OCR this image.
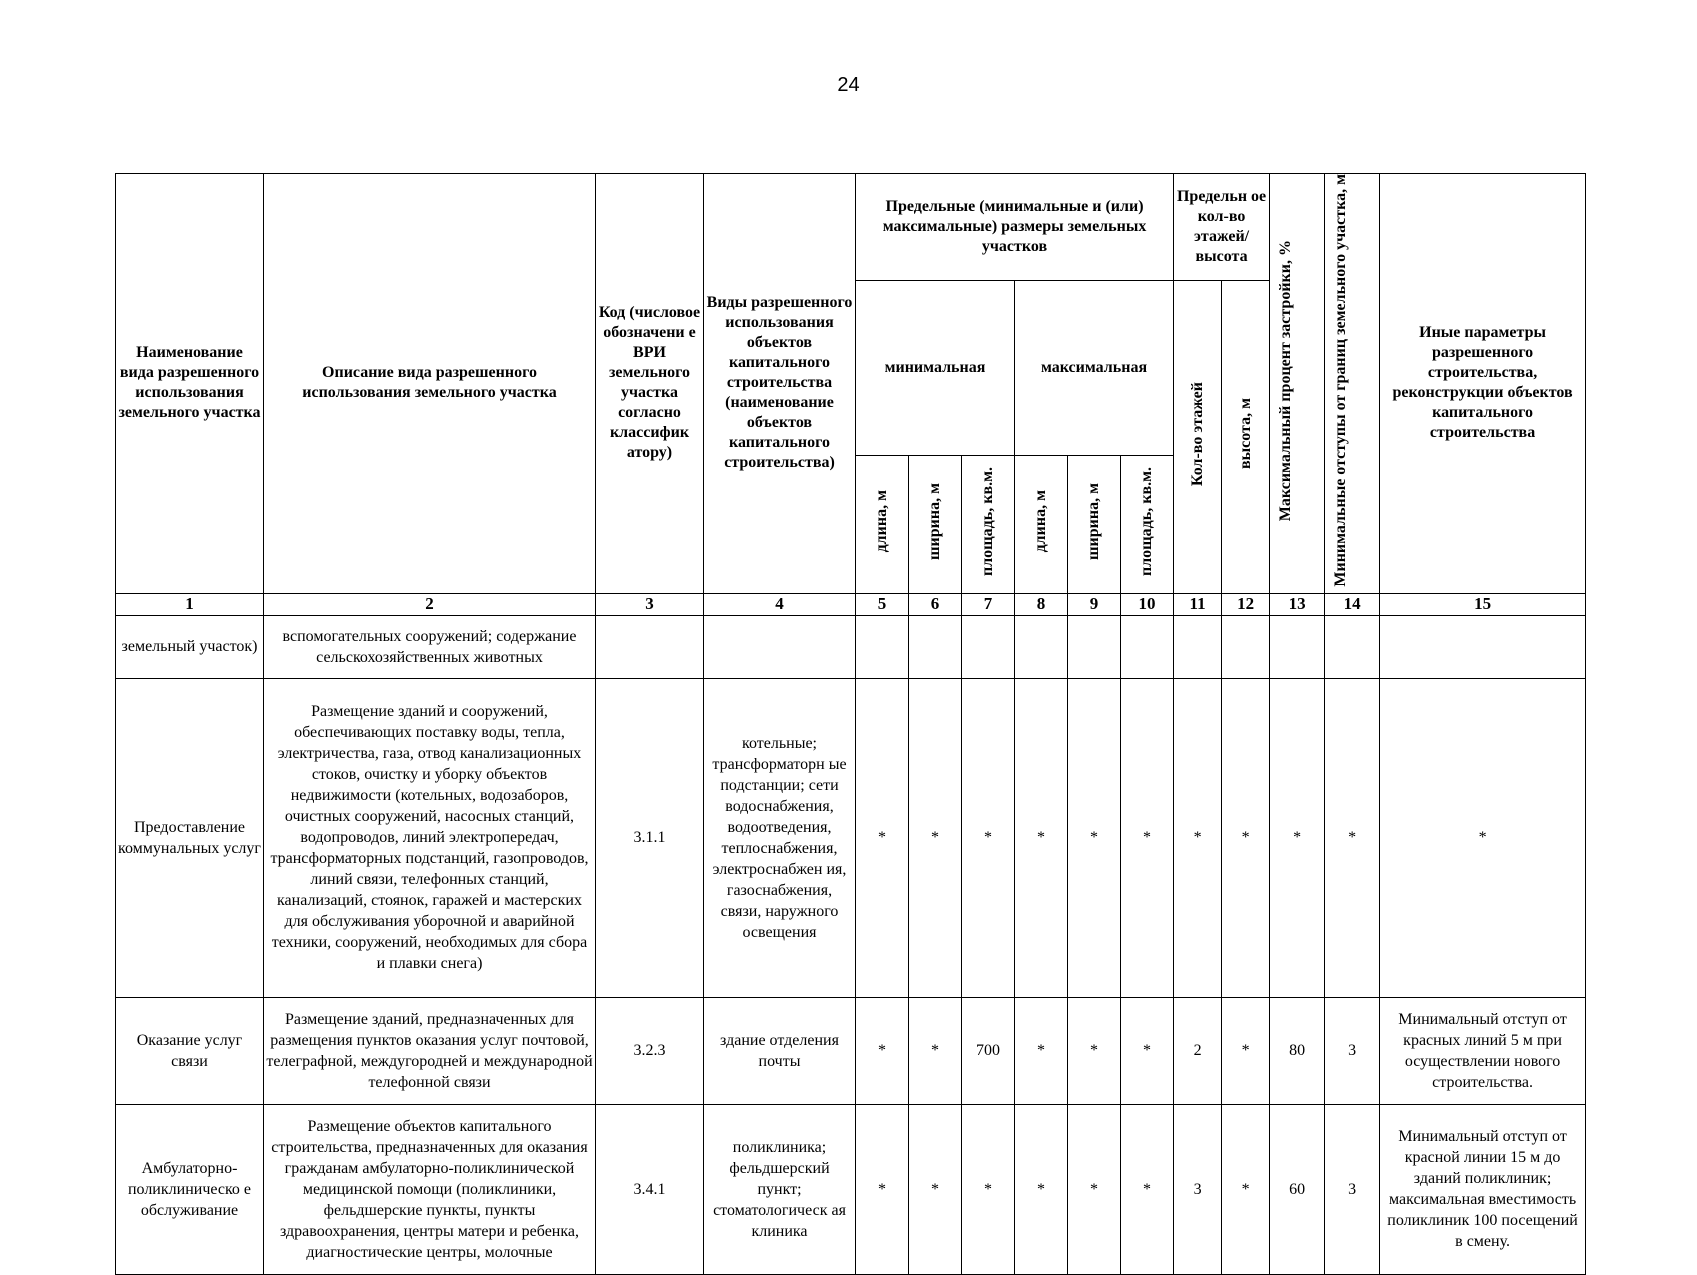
24
Наименование вида разрешенного использования земельного участка	Описание вида разрешенного использования земельного участка	Код (числовое обозначени е ВРИ земельного участка согласно классифик атору)	Виды разрешенного использования объектов капитального строительства (наименование объектов капитального строительства)	Предельные (минимальные и (или) максимальные) размеры земельных участков						Предельн ое кол-во этажей/ высота		Максимальный процент застройки, %	Минимальные отступы от границ земельного участка, м	Иные параметры разрешенного строительства, реконструкции объектов капитального строительства
				минимальная			максимальная			Кол-во этажей	высота, м			
				длина, м	ширина, м	площадь, кв.м.	длина, м	ширина, м	площадь, кв.м.					
1	2	3	4	5	6	7	8	9	10	11	12	13	14	15
земельный участок)	вспомогательных сооружений; содержание сельскохозяйственных животных													
Предоставление коммунальных услуг	Размещение зданий и сооружений, обеспечивающих поставку воды, тепла, электричества, газа, отвод канализационных стоков, очистку и уборку объектов недвижимости (котельных, водозаборов, очистных сооружений, насосных станций, водопроводов, линий электропередач, трансформаторных подстанций, газопроводов, линий связи, телефонных станций, канализаций, стоянок, гаражей и мастерских для обслуживания уборочной и аварийной техники, сооружений, необходимых для сбора и плавки снега)	3.1.1	котельные; трансформаторн ые подстанции; сети водоснабжения, водоотведения, теплоснабжения, электроснабжен ия, газоснабжения, связи, наружного освещения	*	*	*	*	*	*	*	*	*	*	*
Оказание услуг связи	Размещение зданий, предназначенных для размещения пунктов оказания услуг почтовой, телеграфной, междугородней и международной телефонной связи	3.2.3	здание отделения почты	*	*	700	*	*	*	2	*	80	3	Минимальный отступ от красных линий 5 м при осуществлении нового строительства.
Амбулаторно-поликлиническо е обслуживание	Размещение объектов капитального строительства, предназначенных для оказания гражданам амбулаторно-поликлинической медицинской помощи (поликлиники, фельдшерские пункты, пункты здравоохранения, центры матери и ребенка, диагностические центры, молочные	3.4.1	поликлиника; фельдшерский пункт; стоматологическ ая клиника	*	*	*	*	*	*	3	*	60	3	Минимальный отступ от красной линии 15 м до зданий поликлиник; максимальная вместимость поликлиник 100 посещений в смену.
